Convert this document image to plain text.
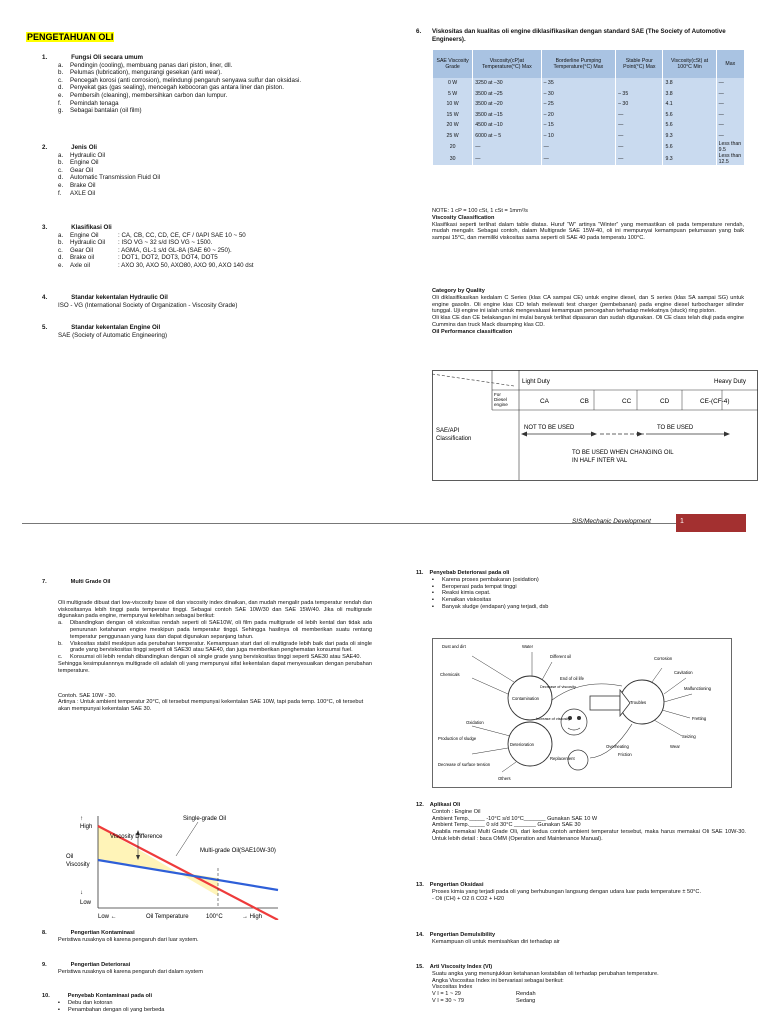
PENGETAHUAN OLI
1.	Fungsi Oli secara umum
a.	Pendingin (cooling), membuang panas dari piston, liner, dll.
b.	Pelumas (lubrication), mengurangi gesekan (anti wear).
c.	Pencegah korosi (anti corrosion), melindungi pengaruh senyawa sulfur dan oksidasi.
d.	Penyekat gas (gas sealing), mencegah kebocoran gas antara liner dan piston.
e.	Pembersih (cleaning), membersihkan carbon dan lumpur.
f.	Pemindah tenaga
g.	Sebagai bantalan (oil film)
2.	Jenis Oli
a.	Hydraulic Oil
b.	Engine Oil
c.	Gear Oil
d.	Automatic Transmission Fluid Oil
e.	Brake Oil
f.	AXLE Oil
3.	Klasifikasi Oli
a.	Engine Oil	: CA, CB, CC, CD, CE, CF / 0API SAE 10 ~ 50
b.	Hydraulic Oil	: ISO VG ~ 32 s/d ISO VG ~ 1500.
c.	Gear Oil	: AGMA, GL-1 s/d GL-8A (SAE 60 ~ 250).
d.	Brake oil	: DOT1, DOT2, DOT3, DOT4, DOT5
e.	Axle oil	: AXO 30, AXO 50, AXO80, AXO 90, AXO 140 dst
4.	Standar kekentalan Hydraulic Oil
ISO - VG (International Society of Organization - Viscosity Grade)
5.	Standar kekentalan Engine Oil
SAE (Society of Automatic Engineering)
6.	Viskositas dan kualitas oli engine diklasifikasikan dengan standard SAE (The Society of Automotive Engineers).
SAE Viscosity Grade	Viscosity(cP)at Temperature(°C) Max	Borderline Pumping Temperature(°C) Max	Stable Pour Point(°C) Max	Viscosity(cSt) at 100°C Min	Max
0 W	3250 at –30	– 35		3.8	—
5 W	3500 at –25	– 30	– 35	3.8	—
10 W	3500 at –20	– 25	– 30	4.1	—
15 W	3500 at –15	– 20	—	5.6	—
20 W	4500 at –10	– 15	—	5.6	—
25 W	6000 at – 5	– 10	—	9.3	—
20	—	—	—	5.6	Less than 9.5
30	—	—	—	9.3	Less than 12.5
NOTE: 1 cP = 100 cSt, 1 cSt = 1mm²/s
Viscosity Classification
Klasifikasi seperti terlihat dalam table diatas. Huruf “W” artinya “Winter” yang memastikan oli pada temperature rendah, mudah mengalir. Sebagai contoh, dalam Multigrade SAE 15W-40, oli ini mempunyai kemampuan pelumasan yang baik sampai 15°C, dan memiliki viskositas sama seperti oli SAE 40 pada temperatu 100°C.
Category by Quality
Oli diklasifikasikan kedalam C Series (klas CA sampai CE) untuk engine diesel, dan S series (klas SA sampai SG) untuk engine gasolin. Oli engine klas CD telah melewati test charger (pembebanan) pada engine diesel turbocharger silinder tunggal. Uji engine ini ialah untuk mengevaluasi kemampuan pencegahan terhadap melekatnya (stuck) ring piston.
Oli klas CE dan CE belakangan ini mulai banyak terlihat dipasaran dan sudah digunakan. Oli CE class telah diuji pada engine Cummins dan truck Mack disamping klas CD.
Oil Performance classification
Light Duty	Heavy Duty
For Diesel engine	CA	CB	CC	CD	CE-(CF-4)
SAE/API Classification
NOT TO BE USED	TO BE USED
TO BE USED WHEN CHANGING OIL IN HALF INTER VAL
SIS/Mechanic Development	1
7.	Multi Grade Oil
Oli multigrade dibuat dari low-viscosity base oil dan viscosity index dinaikan, dan mudah mengalir pada temperatur rendah dan viskositasnya lebih tinggi pada temperatur tinggi. Sebagai contoh SAE 10W/30 dan SAE 15W/40. Jika oli multigrade digunakan pada engine, mempunyai kelebihan sebagai berikut:
a.	Dibandingkan dengan oli viskositas rendah seperti oli SAE10W, oli film pada multigrade oil lebih kental dan tidak ada penurunan ketahanan engine meskipun pada temperatur tinggi. Sehingga hasilnya oli memberikan suatu rentang temperatur penggunaan yang luas dan dapat digunakan sepanjang tahun.
b.	Viskositas stabil meskipun ada perubahan temperatur. Kemampuan start dari oli multigrade lebih baik dari pada oli single grade yang berviskositas tinggi seperti oli SAE30 atau SAE40, dan juga memberikan penghematan konsumsi fuel.
c.	Konsumsi oli lebih rendah dibandingkan dengan oli single grade yang berviskositas tinggi seperti SAE30 atau SAE40.
Sehingga kesimpulannnya multigrade oli adalah oli yang mempunyai sifat kekentalan dapat menyesuaikan dengan perubahan temperature.
Contoh. SAE 10W - 30.
Artinya : Untuk ambient temperatur 20°C, oli tersebut mempunyai kekentalan SAE 10W, tapi pada temp. 100°C, oli tersebut akan mempunyai kekentalan SAE 30.
↑
High
Oil
Viscosity
↓
Low
Viscosity Difference
Single-grade Oil
Multi-grade Oil(SAE10W-30)
Low ←	Oil Temperature	100°C	→ High
8.	Pengertian Kontaminasi
Peristiwa rusaknya oli karena pengaruh dari luar system.
9.	Pengertian Deteriorasi
Peristiwa rusaknya oli karena pengaruh dari dalam system
10.	Penyebab Kontaminasi pada oli
▪	Debu dan kotoran
▪	Penambahan dengan oli yang berbeda
11. Penyebab Deteriorasi pada oli
▪	Karena proses pembakaran (oxidation)
▪	Beroperasi pada tempat tinggi
▪	Reaksi kimia cepat.
▪	Kenaikan viskositas
▪	Banyak sludge (endapan) yang terjadi, dsb
Dust and dirt	Water
Different oil
Chemicals
Contamination
End of oil life
Decrease of viscosity
Troubles
Corrosion
Cavitation
Malfunctioning
Fretting
Seizing
Wear
Oxidation
Increase of viscosity
Production of sludge
Deterioration	Overheating
Friction
Replacement
Decrease of surface tension
Others
12. Aplikasi Oli
Contoh : Engine Oil
Ambient Temp._____ -10°C s/d 10°C_______ Gunakan SAE 10 W
Ambient Temp._____ 0 s/d 30°C _______ Gunakan SAE 30
Apabila memakai Multi Grade Oli, dari kedua contoh ambient temperatur tersebut, maka harus memakai Oli SAE 10W-30. Untuk lebih detail : baca OMM (Operation and Maintenance Manual).
13. Pengertian Oksidasi
Proses kimia yang terjadi pada oli yang berhubungan langsung dengan udara luar pada temperature ± 50°C.
- Oli (CH) + O2 ß CO2 + H20
14. Pengertian Demulsibility
Kemampuan oli untuk memisahkan diri terhadap air
15. Arti Viscosity Index (VI)
Suatu angka yang menunjukkan ketahanan kestabilan oli terhadap perubahan temperature.
Angka Viscositas Index ini bervariasi sebagai berikut:
Viscositas Index
V I = 1 ~ 29	Rendah
V I = 30 ~ 79	Sedang
